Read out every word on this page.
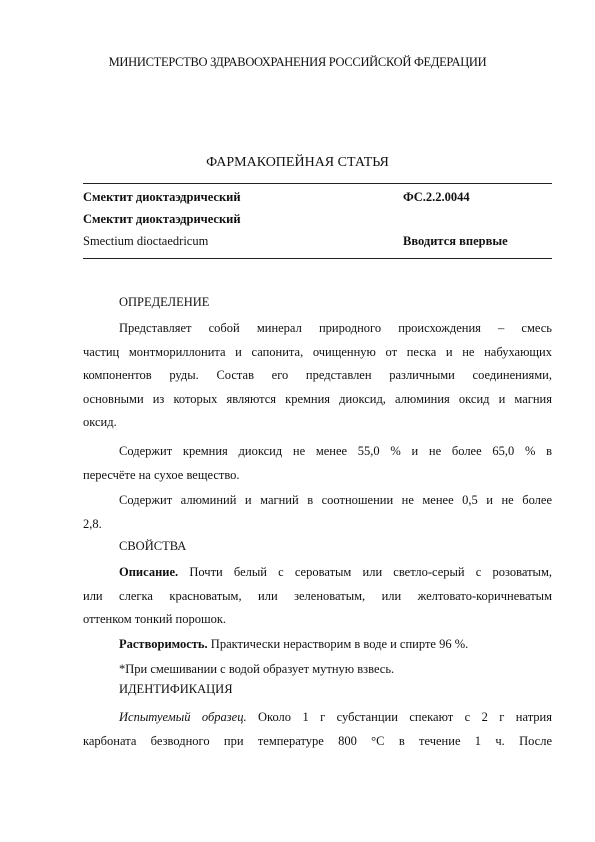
МИНИСТЕРСТВО ЗДРАВООХРАНЕНИЯ РОССИЙСКОЙ ФЕДЕРАЦИИ
ФАРМАКОПЕЙНАЯ СТАТЬЯ
Смектит диоктаэдрический	ФС.2.2.0044
Смектит диоктаэдрический
Smectium dioctaedricum	Вводится впервые
ОПРЕДЕЛЕНИЕ
Представляет собой минерал природного происхождения – смесь
частиц монтмориллонита и сапонита, очищенную от песка и не набухающих
компонентов руды. Состав его представлен различными соединениями,
основными из которых являются кремния диоксид, алюминия оксид и магния
оксид.
Содержит кремния диоксид не менее 55,0 % и не более 65,0 % в
пересчёте на сухое вещество.
Содержит алюминий и магний в соотношении не менее 0,5 и не более
2,8.
СВОЙСТВА
Описание. Почти белый с сероватым или светло-серый с розоватым,
или слегка красноватым, или зеленоватым, или желтовато-коричневатым
оттенком тонкий порошок.
Растворимость. Практически нерастворим в воде и спирте 96 %.
*При смешивании с водой образует мутную взвесь.
ИДЕНТИФИКАЦИЯ
Испытуемый образец. Около 1 г субстанции спекают с 2 г натрия
карбоната безводного при температуре 800 °С в течение 1 ч. После
